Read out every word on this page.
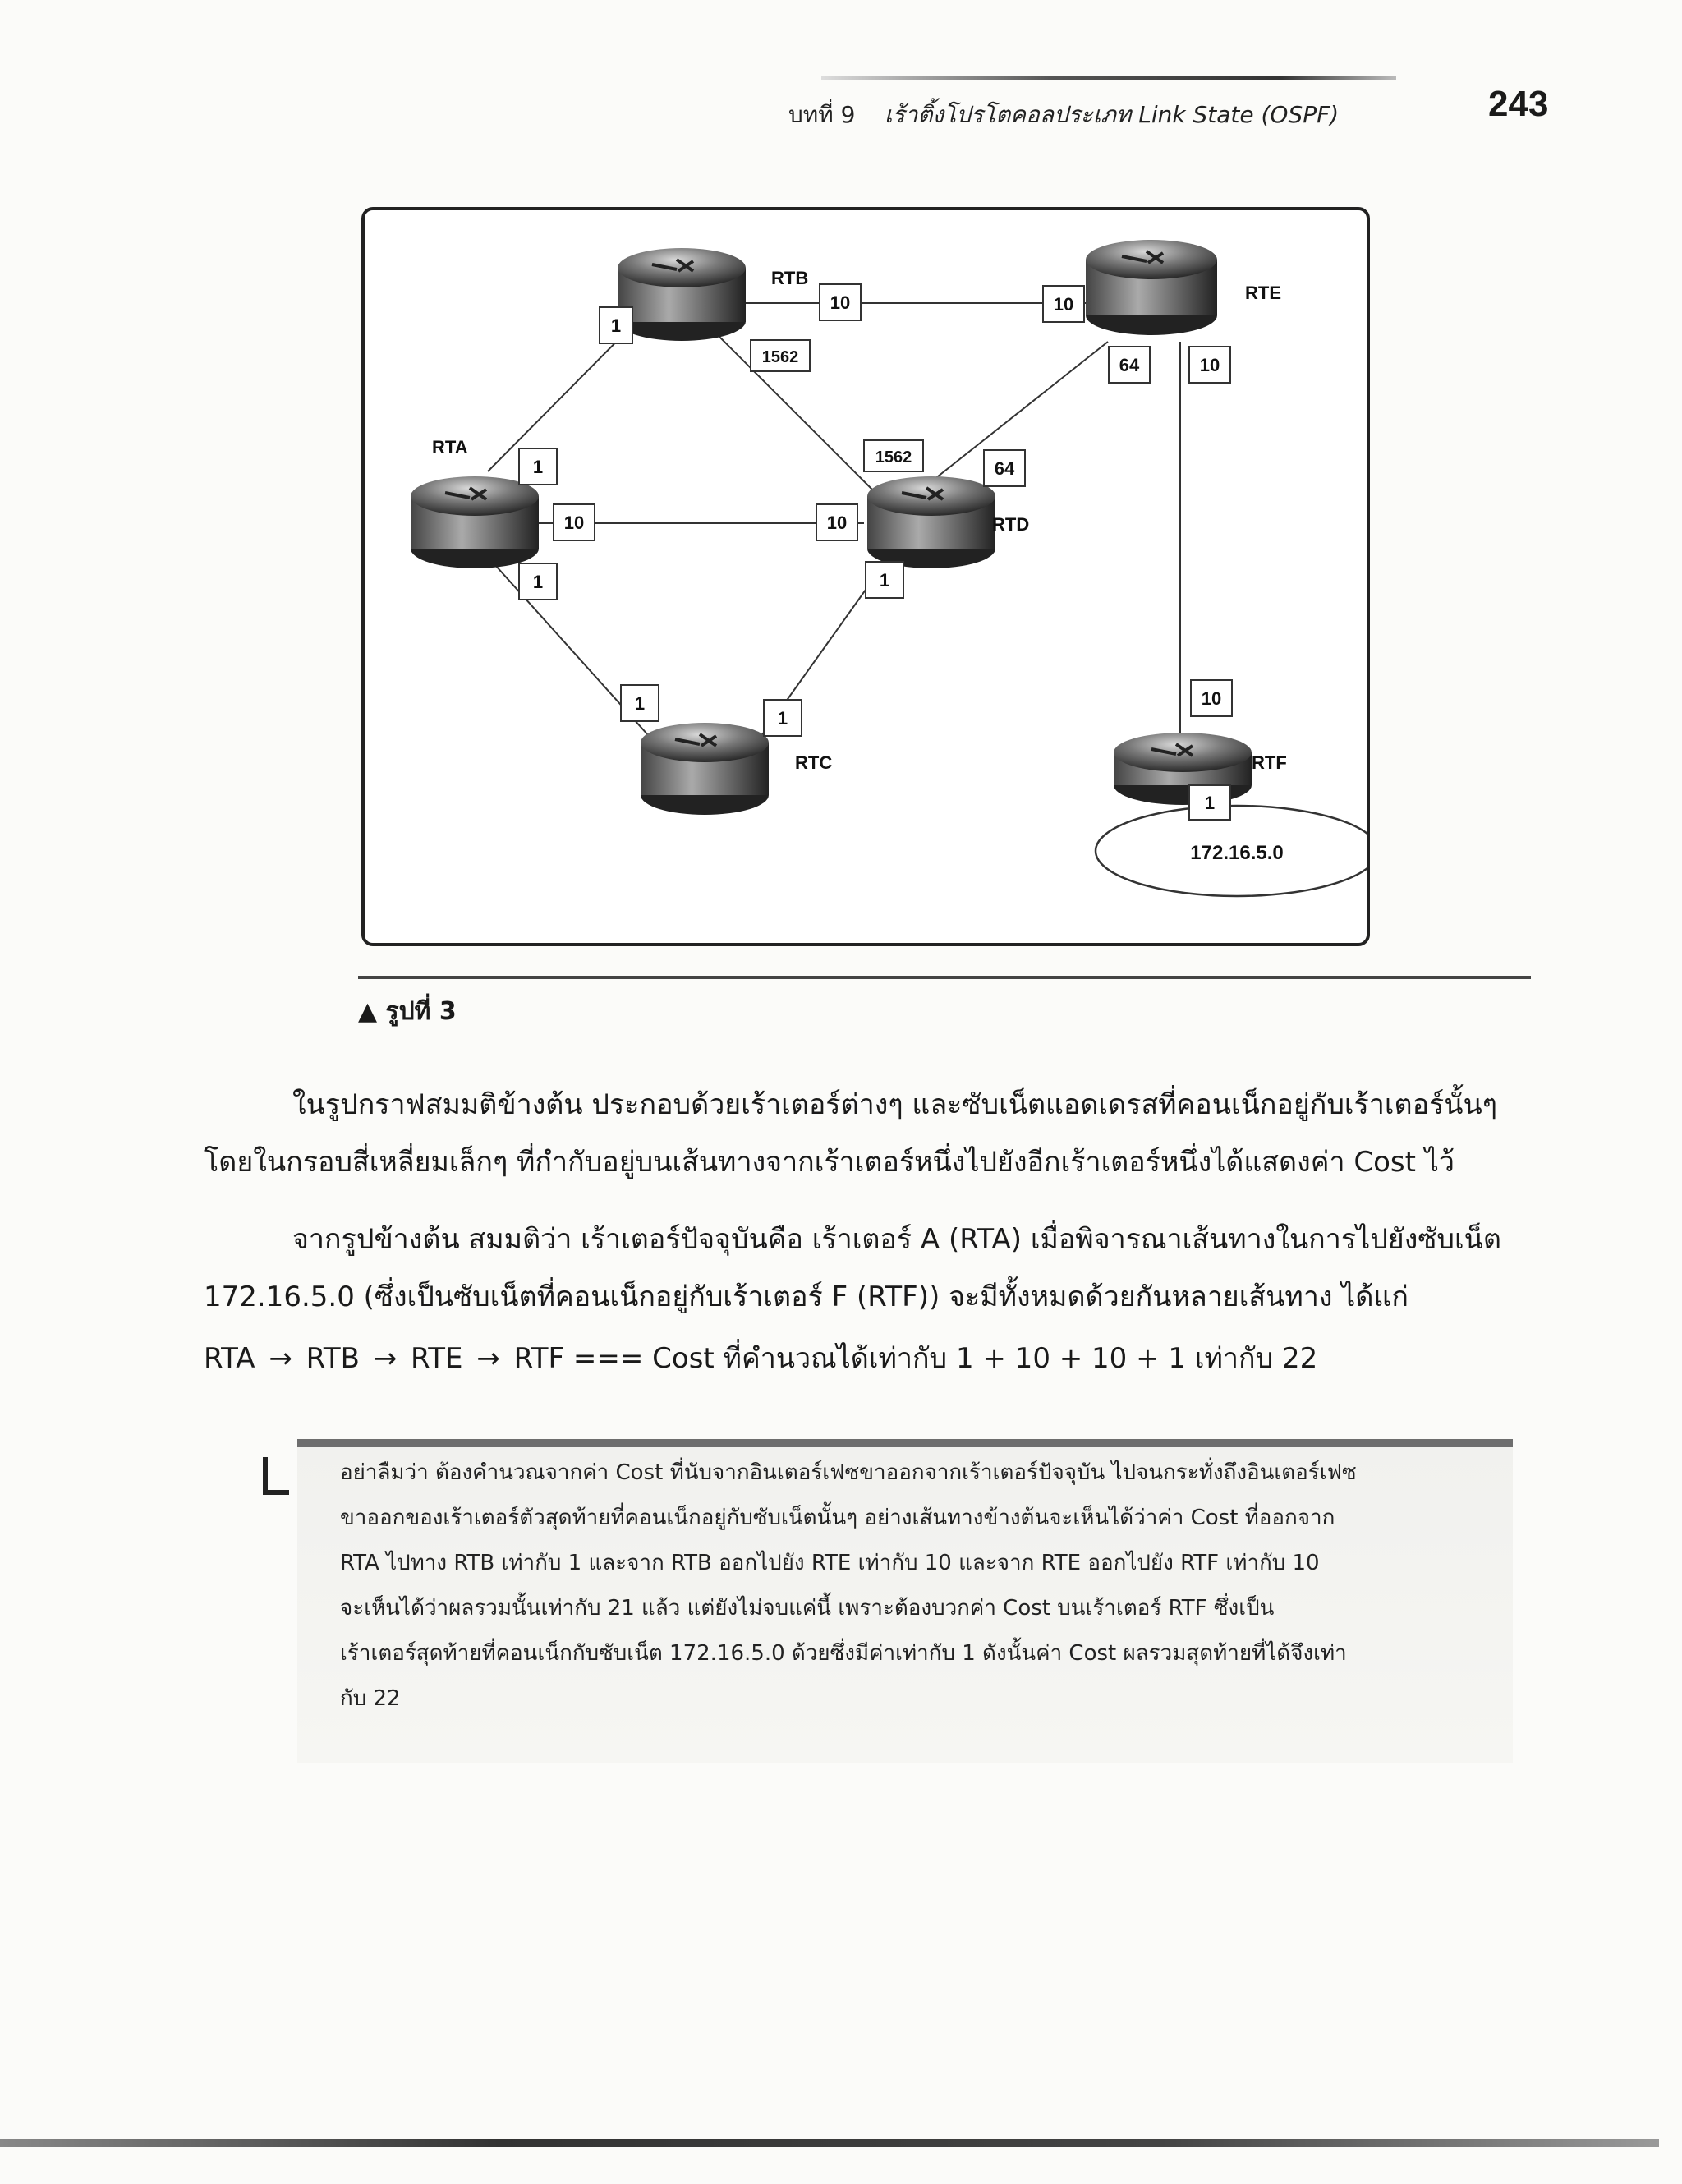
บทที่ 9 เร้าติ้งโปรโตคอลประเภท Link State (OSPF)	243
172.16.5.0
RTB
RTE
RTA
RTD
RTC	RTF
1
1
10	10
1
1
10	10
1562
1562
1
1
64
64	10
10
1
▲ รูปที่ 3
ในรูปกราฟสมมติข้างต้น ประกอบด้วยเร้าเตอร์ต่างๆ และซับเน็ตแอดเดรสที่คอนเน็กอยู่กับเร้าเตอร์นั้นๆ
โดยในกรอบสี่เหลี่ยมเล็กๆ ที่กำกับอยู่บนเส้นทางจากเร้าเตอร์หนึ่งไปยังอีกเร้าเตอร์หนึ่งได้แสดงค่า Cost ไว้
จากรูปข้างต้น สมมติว่า เร้าเตอร์ปัจจุบันคือ เร้าเตอร์ A (RTA) เมื่อพิจารณาเส้นทางในการไปยังซับเน็ต
172.16.5.0 (ซึ่งเป็นซับเน็ตที่คอนเน็กอยู่กับเร้าเตอร์ F (RTF)) จะมีทั้งหมดด้วยกันหลายเส้นทาง ได้แก่
RTA → RTB → RTE → RTF === Cost ที่คำนวณได้เท่ากับ 1 + 10 + 10 + 1 เท่ากับ 22
อย่าลืมว่า ต้องคำนวณจากค่า Cost ที่นับจากอินเตอร์เฟซขาออกจากเร้าเตอร์ปัจจุบัน ไปจนกระทั่งถึงอินเตอร์เฟซ
ขาออกของเร้าเตอร์ตัวสุดท้ายที่คอนเน็กอยู่กับซับเน็ตนั้นๆ อย่างเส้นทางข้างต้นจะเห็นได้ว่าค่า Cost ที่ออกจาก
RTA ไปทาง RTB เท่ากับ 1 และจาก RTB ออกไปยัง RTE เท่ากับ 10 และจาก RTE ออกไปยัง RTF เท่ากับ 10
จะเห็นได้ว่าผลรวมนั้นเท่ากับ 21 แล้ว แต่ยังไม่จบแค่นี้ เพราะต้องบวกค่า Cost บนเร้าเตอร์ RTF ซึ่งเป็น
เร้าเตอร์สุดท้ายที่คอนเน็กกับซับเน็ต 172.16.5.0 ด้วยซึ่งมีค่าเท่ากับ 1 ดังนั้นค่า Cost ผลรวมสุดท้ายที่ได้จึงเท่า
กับ 22
